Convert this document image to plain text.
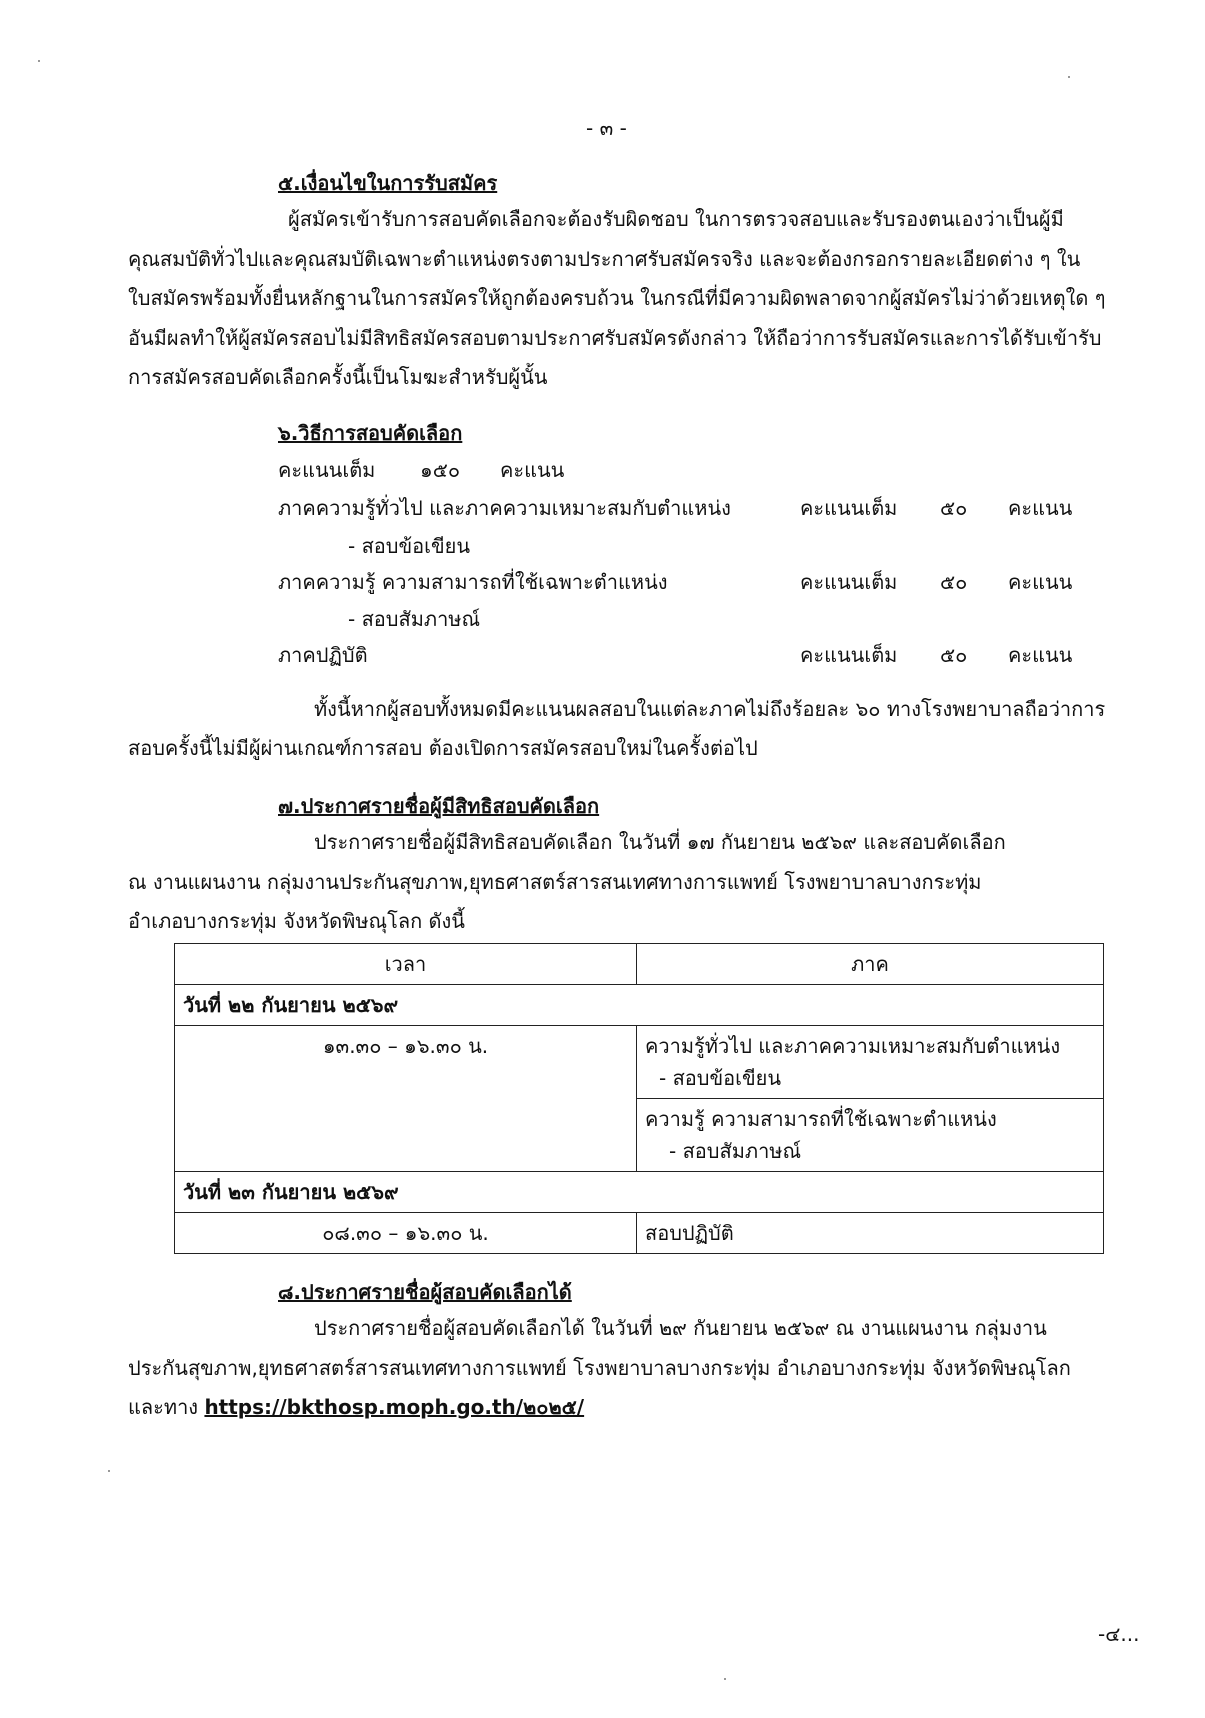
- ๓ -
๕.เงื่อนไขในการรับสมัคร
ผู้สมัครเข้ารับการสอบคัดเลือกจะต้องรับผิดชอบ ในการตรวจสอบและรับรองตนเองว่าเป็นผู้มี
คุณสมบัติทั่วไปและคุณสมบัติเฉพาะตำแหน่งตรงตามประกาศรับสมัครจริง และจะต้องกรอกรายละเอียดต่าง ๆ ใน
ใบสมัครพร้อมทั้งยื่นหลักฐานในการสมัครให้ถูกต้องครบถ้วน ในกรณีที่มีความผิดพลาดจากผู้สมัครไม่ว่าด้วยเหตุใด ๆ
อันมีผลทำให้ผู้สมัครสอบไม่มีสิทธิสมัครสอบตามประกาศรับสมัครดังกล่าว ให้ถือว่าการรับสมัครและการได้รับเข้ารับ
การสมัครสอบคัดเลือกครั้งนี้เป็นโมฆะสำหรับผู้นั้น
๖.วิธีการสอบคัดเลือก
คะแนนเต็ม ๑๕๐ คะแนน
ภาคความรู้ทั่วไป และภาคความเหมาะสมกับตำแหน่ง	คะแนนเต็ม ๕๐ คะแนน
- สอบข้อเขียน
ภาคความรู้ ความสามารถที่ใช้เฉพาะตำแหน่ง	คะแนนเต็ม ๕๐ คะแนน
- สอบสัมภาษณ์
ภาคปฏิบัติ	คะแนนเต็ม ๕๐ คะแนน
ทั้งนี้หากผู้สอบทั้งหมดมีคะแนนผลสอบในแต่ละภาคไม่ถึงร้อยละ ๖๐ ทางโรงพยาบาลถือว่าการ
สอบครั้งนี้ไม่มีผู้ผ่านเกณฑ์การสอบ ต้องเปิดการสมัครสอบใหม่ในครั้งต่อไป
๗.ประกาศรายชื่อผู้มีสิทธิสอบคัดเลือก
ประกาศรายชื่อผู้มีสิทธิสอบคัดเลือก ในวันที่ ๑๗ กันยายน ๒๕๖๙ และสอบคัดเลือก
ณ งานแผนงาน กลุ่มงานประกันสุขภาพ,ยุทธศาสตร์สารสนเทศทางการแพทย์ โรงพยาบาลบางกระทุ่ม
อำเภอบางกระทุ่ม จังหวัดพิษณุโลก ดังนี้
เวลา	ภาค
วันที่ ๒๒ กันยายน ๒๕๖๙	
๑๓.๓๐ – ๑๖.๓๐ น.	ความรู้ทั่วไป และภาคความเหมาะสมกับตำแหน่ง
- สอบข้อเขียน

	ความรู้ ความสามารถที่ใช้เฉพาะตำแหน่ง
- สอบสัมภาษณ์

วันที่ ๒๓ กันยายน ๒๕๖๙	
๐๘.๓๐ – ๑๖.๓๐ น.	สอบปฏิบัติ
๘.ประกาศรายชื่อผู้สอบคัดเลือกได้
ประกาศรายชื่อผู้สอบคัดเลือกได้ ในวันที่ ๒๙ กันยายน ๒๕๖๙ ณ งานแผนงาน กลุ่มงาน
ประกันสุขภาพ,ยุทธศาสตร์สารสนเทศทางการแพทย์ โรงพยาบาลบางกระทุ่ม อำเภอบางกระทุ่ม จังหวัดพิษณุโลก
และทาง https://bkthosp.moph.go.th/๒๐๒๕/
-๔...
